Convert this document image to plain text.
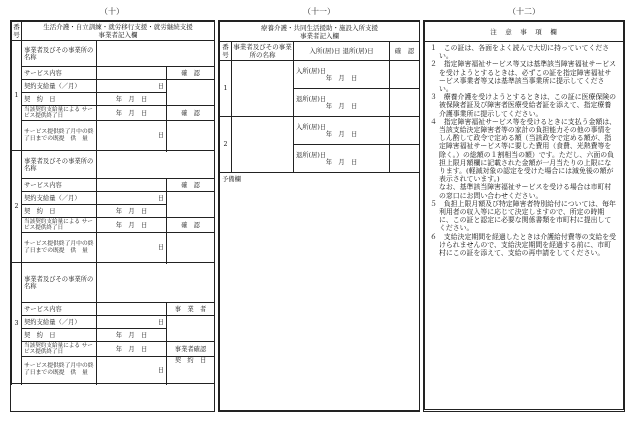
（十）
番号	生活介護・自立訓練・就労移行支援・就労継続支援
事業者記入欄		

1	事業者及びその事業所の名称		
	サービス内容		確　認
	契約支給量（／月）	日	
	契　約　日	年　月　日	
	当該契約支給量による サービス提供終了日	年　月　日	確　認
	サービス提供終了月中の終了日までの既提　供　量	日	

2	事業者及びその事業所の名称		
	サービス内容		確　認
	契約支給量（／月）	日	
	契　約　日	年　月　日	
	当該契約支給量による サービス提供終了日	年　月　日	確　認
	サービス提供終了月中の終了日までの既提　供　量	日	

3	事業者及びその事業所の名称		
	サービス内容		事　業　者
	契約支給量（／月）	日	
	契　約　日	年　月　日	
	当該契約支給量による サービス提供終了日	年　月　日	事業者確認
	サービス提供終了月中の終了日までの既提　供　量	日	契　約　日

（十一）
療養介護・共同生活援助・施設入所支援
事業者記入欄			

番号	事業者及びその事業所の名称	入所(居)日 退所(居)日	確　認
1		入所(居)日
年　月　日	

		退所(居)日
年　月　日	

2		入所(居)日
年　月　日	

		退所(居)日
年　月　日	

予備欄			
（十二）
注　意　事　項　欄

１　この証は、各面をよく読んで大切に持っていてください。

２　指定障害福祉サービス等又は基準該当障害福祉サービスを受けようとするときは、必ずこの証を指定障害福祉サービス事業者等又は基準該当事業所に提示してください。

３　療養介護を受けようとするときは、この証に医療保険の被保険者証及び障害者医療受給者証を添えて、指定療養介護事業所に提示してください。

４　指定障害福祉サービス等を受けるときに支払う金額は、当該支給決定障害者等の家計の負担能力その他の事情をしん酌して政令で定める額（当該政令で定める額が、指定障害福祉サービス等に要した費用（食費、光熱費等を除く。）の総額の１割相当の額）です。ただし、六面の負担上限月額欄に記載された金額が一月当たりの上限になります。(軽減対象の認定を受けた場合には減免後の額が表示されています。)

なお、基準該当障害福祉サービスを受ける場合は市町村の窓口にお問い合わせください。

５　負担上限月額及び特定障害者特別給付については、毎年利用者の収入等に応じて決定しますので、所定の時期に、この証と認定に必要な関係書類を市町村に提出してください。

６　支給決定期間を経過したときは介護給付費等の支給を受けられませんので、支給決定期間を経過する前に、市町村にこの証を添えて、支給の再申請をしてください。
